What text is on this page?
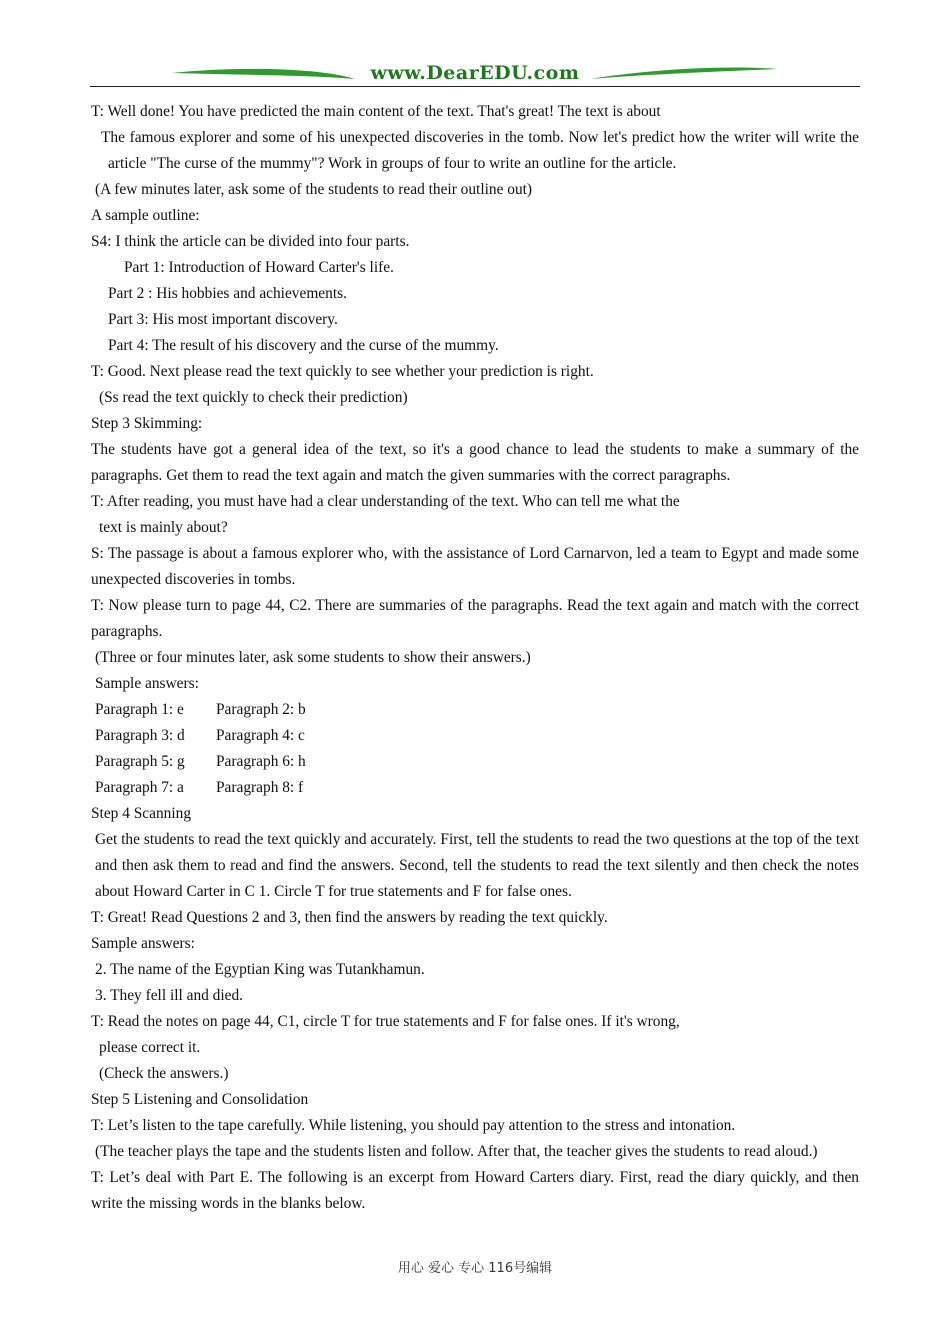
www.DearEDU.com

T: Well done! You have predicted the main content of the text. That's great! The text is about

The famous explorer and some of his unexpected discoveries in the tomb. Now let's predict how the writer will write the article "The curse of the mummy"? Work in groups of four to write an outline for the article.

(A few minutes later, ask some of the students to read their outline out)

A sample outline:

S4: I think the article can be divided into four parts.

Part 1: Introduction of Howard Carter's life.

Part 2 : His hobbies and achievements.

Part 3: His most important discovery.

Part 4: The result of his discovery and the curse of the mummy.

T: Good. Next please read the text quickly to see whether your prediction is right.

(Ss read the text quickly to check their prediction)

Step 3 Skimming:

The students have got a general idea of the text, so it's a good chance to lead the students to make a summary of the paragraphs. Get them to read the text again and match the given summaries with the correct paragraphs.

T: After reading, you must have had a clear understanding of the text. Who can tell me what the

text is mainly about?

S: The passage is about a famous explorer who, with the assistance of Lord Carnarvon, led a team to Egypt and made some unexpected discoveries in tombs.

T: Now please turn to page 44, C2. There are summaries of the paragraphs. Read the text again and match with the correct paragraphs.

(Three or four minutes later, ask some students to show their answers.)

Sample answers:

Paragraph 1: e	Paragraph 2: b
Paragraph 3: d	Paragraph 4: c
Paragraph 5: g	Paragraph 6: h
Paragraph 7: a	Paragraph 8: f

Step 4 Scanning

Get the students to read the text quickly and accurately. First, tell the students to read the two questions at the top of the text and then ask them to read and find the answers. Second, tell the students to read the text silently and then check the notes about Howard Carter in C 1. Circle T for true statements and F for false ones.

T: Great! Read Questions 2 and 3, then find the answers by reading the text quickly.

Sample answers:

2. The name of the Egyptian King was Tutankhamun.

3. They fell ill and died.

T: Read the notes on page 44, C1, circle T for true statements and F for false ones. If it's wrong,

please correct it.

(Check the answers.)

Step 5 Listening and Consolidation

T: Let’s listen to the tape carefully. While listening, you should pay attention to the stress and intonation.

(The teacher plays the tape and the students listen and follow. After that, the teacher gives the students to read aloud.)

T: Let’s deal with Part E. The following is an excerpt from Howard Carters diary. First, read the diary quickly, and then write the missing words in the blanks below.

用心 爱心 专心 116号编辑
